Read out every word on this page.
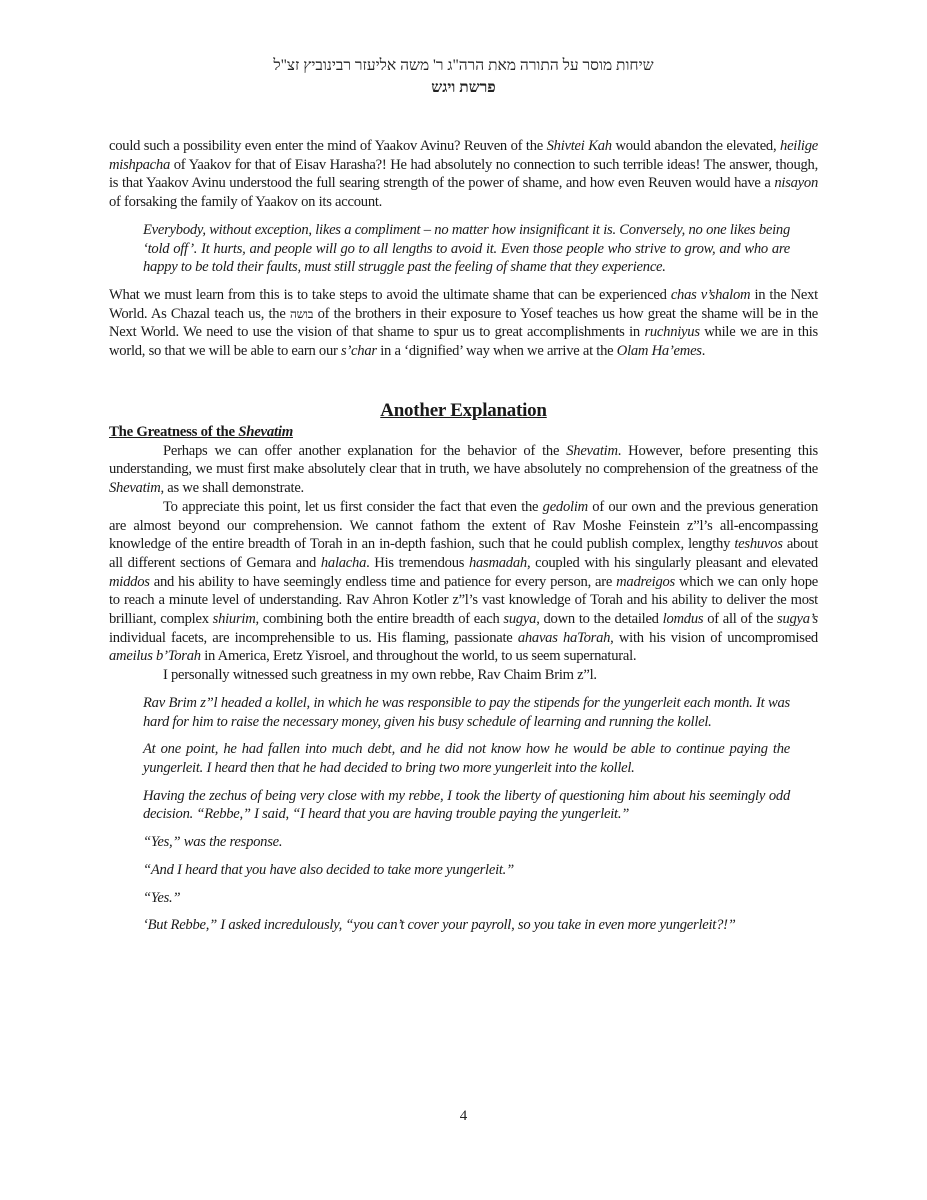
שיחות מוסר על התורה מאת הרה"ג ר' משה אליעזר רבינוביץ זצ"ל
פרשת ויגש

could such a possibility even enter the mind of Yaakov Avinu? Reuven of the Shivtei Kah would abandon the elevated, heilige mishpacha of Yaakov for that of Eisav Harasha?! He had absolutely no connection to such terrible ideas! The answer, though, is that Yaakov Avinu understood the full searing strength of the power of shame, and how even Reuven would have a nisayon of forsaking the family of Yaakov on its account.

Everybody, without exception, likes a compliment – no matter how insignificant it is. Conversely, no one likes being ‘told off’. It hurts, and people will go to all lengths to avoid it. Even those people who strive to grow, and who are happy to be told their faults, must still struggle past the feeling of shame that they experience.

What we must learn from this is to take steps to avoid the ultimate shame that can be experienced chas v’shalom in the Next World. As Chazal teach us, the בושה of the brothers in their exposure to Yosef teaches us how great the shame will be in the Next World. We need to use the vision of that shame to spur us to great accomplishments in ruchniyus while we are in this world, so that we will be able to earn our s’char in a ‘dignified’ way when we arrive at the Olam Ha’emes.

Another Explanation
The Greatness of the Shevatim

Perhaps we can offer another explanation for the behavior of the Shevatim. However, before presenting this understanding, we must first make absolutely clear that in truth, we have absolutely no comprehension of the greatness of the Shevatim, as we shall demonstrate.

To appreciate this point, let us first consider the fact that even the gedolim of our own and the previous generation are almost beyond our comprehension. We cannot fathom the extent of Rav Moshe Feinstein z”l’s all-encompassing knowledge of the entire breadth of Torah in an in-depth fashion, such that he could publish complex, lengthy teshuvos about all different sections of Gemara and halacha. His tremendous hasmadah, coupled with his singularly pleasant and elevated middos and his ability to have seemingly endless time and patience for every person, are madreigos which we can only hope to reach a minute level of understanding. Rav Ahron Kotler z”l’s vast knowledge of Torah and his ability to deliver the most brilliant, complex shiurim, combining both the entire breadth of each sugya, down to the detailed lomdus of all of the sugya’s individual facets, are incomprehensible to us. His flaming, passionate ahavas haTorah, with his vision of uncompromised ameilus b’Torah in America, Eretz Yisroel, and throughout the world, to us seem supernatural.

I personally witnessed such greatness in my own rebbe, Rav Chaim Brim z”l.

Rav Brim z”l headed a kollel, in which he was responsible to pay the stipends for the yungerleit each month. It was hard for him to raise the necessary money, given his busy schedule of learning and running the kollel.

At one point, he had fallen into much debt, and he did not know how he would be able to continue paying the yungerleit. I heard then that he had decided to bring two more yungerleit into the kollel.

Having the zechus of being very close with my rebbe, I took the liberty of questioning him about his seemingly odd decision. “Rebbe,” I said, “I heard that you are having trouble paying the yungerleit.”

“Yes,” was the response.

“And I heard that you have also decided to take more yungerleit.”

“Yes.”

‘But Rebbe,” I asked incredulously, “you can’t cover your payroll, so you take in even more yungerleit?!”

4
